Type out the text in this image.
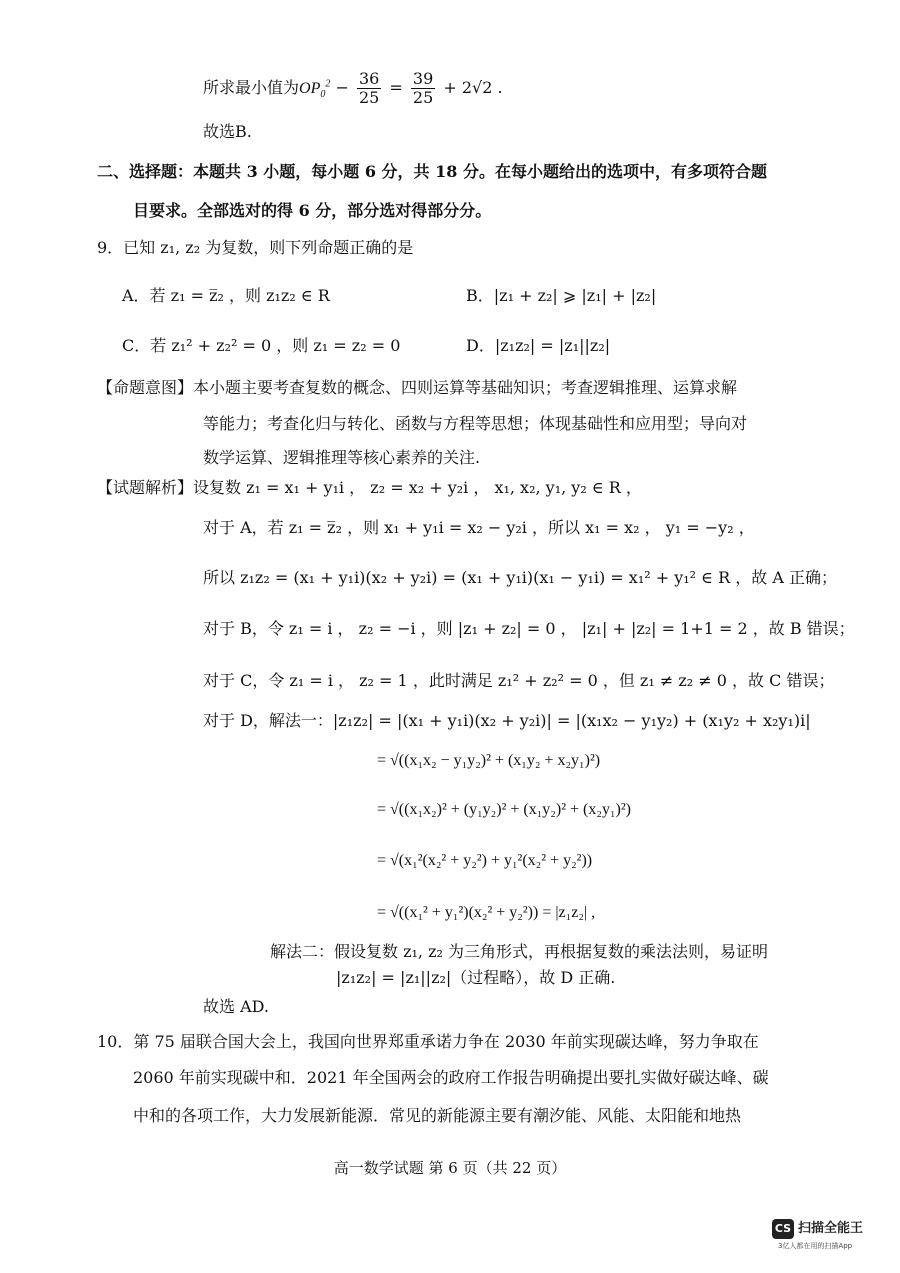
所求最小值为$OP_0^2 - \frac{36}{25} = \frac{39}{25} + 2√2$ .
故选B.
二、选择题：本题共 3 小题，每小题 6 分，共 18 分。在每小题给出的选项中，有多项符合题
目要求。全部选对的得 6 分，部分选对得部分分。
9．已知 z₁, z₂ 为复数，则下列命题正确的是
A．若 z₁ = z̅₂ ，则 z₁z₂ ∈ R	B．|z₁ + z₂| ⩾ |z₁| + |z₂|
C．若 z₁² + z₂² = 0 ，则 z₁ = z₂ = 0	D．|z₁z₂| = |z₁||z₂|
【命题意图】本小题主要考查复数的概念、四则运算等基础知识；考查逻辑推理、运算求解
等能力；考查化归与转化、函数与方程等思想；体现基础性和应用型；导向对
数学运算、逻辑推理等核心素养的关注.
【试题解析】设复数 z₁ = x₁ + y₁i ， z₂ = x₂ + y₂i ， x₁, x₂, y₁, y₂ ∈ R ，
对于 A，若 z₁ = z̅₂ ，则 x₁ + y₁i = x₂ − y₂i ，所以 x₁ = x₂ ， y₁ = −y₂ ，
所以 z₁z₂ = (x₁ + y₁i)(x₂ + y₂i) = (x₁ + y₁i)(x₁ − y₁i) = x₁² + y₁² ∈ R ，故 A 正确；
对于 B，令 z₁ = i ， z₂ = −i ，则 |z₁ + z₂| = 0 ， |z₁| + |z₂| = 1+1 = 2 ，故 B 错误；
对于 C，令 z₁ = i ， z₂ = 1 ，此时满足 z₁² + z₂² = 0 ，但 z₁ ≠ z₂ ≠ 0 ，故 C 错误；
对于 D，解法一：|z₁z₂| = |(x₁ + y₁i)(x₂ + y₂i)| = |(x₁x₂ − y₁y₂) + (x₁y₂ + x₂y₁)i|
= √((x₁x₂ − y₁y₂)² + (x₁y₂ + x₂y₁)²)
= √((x₁x₂)² + (y₁y₂)² + (x₁y₂)² + (x₂y₁)²)
= √(x₁²(x₂² + y₂²) + y₁²(x₂² + y₂²))
= √((x₁² + y₁²)(x₂² + y₂²)) = |z₁z₂| ,
解法二：假设复数 z₁, z₂ 为三角形式，再根据复数的乘法法则，易证明
|z₁z₂| = |z₁||z₂|（过程略），故 D 正确.
故选 AD.
10．第 75 届联合国大会上，我国向世界郑重承诺力争在 2030 年前实现碳达峰，努力争取在
2060 年前实现碳中和．2021 年全国两会的政府工作报告明确提出要扎实做好碳达峰、碳
中和的各项工作，大力发展新能源．常见的新能源主要有潮汐能、风能、太阳能和地热
高一数学试题 第 6 页（共 22 页）
CS 扫描全能王
3亿人都在用的扫描App
